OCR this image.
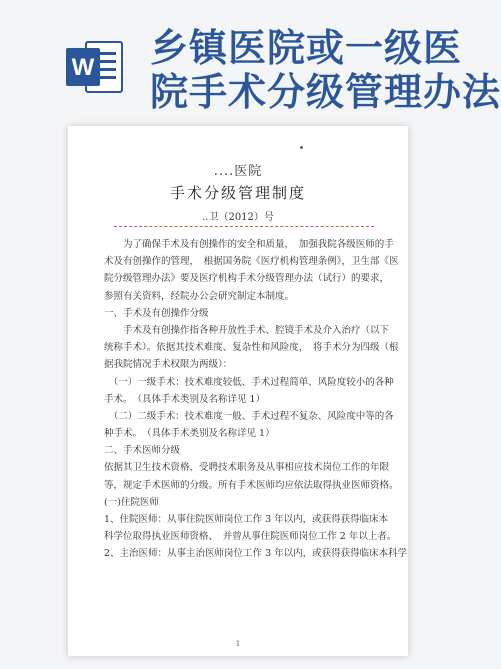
W 乡镇医院或一级医
院手术分级管理办法
....医院
手术分级管理制度
..卫（2012）号
　　为了确保手术及有创操作的安全和质量，　加强我院各级医师的手
术及有创操作的管理，　根据国务院《医疗机构管理条例》，卫生部《医
院分级管理办法》要及医疗机构手术分级管理办法（试行）的要求，
参照有关资料，经院办公会研究制定本制度。
一、手术及有创操作分级
　　手术及有创操作指各种开放性手术、腔镜手术及介入治疗（以下
统称手术）。依据其技术难度、复杂性和风险度，　将手术分为四级（根
据我院情况手术权限为两级）：
　（一）一级手术：技术难度较低、手术过程简单、风险度较小的各种
手术。　（具体手术类别及名称详见 1）
　（二）二级手术：技术难度一般、手术过程不复杂、风险度中等的各
种手术。　（具体手术类别及名称详见 1）
二、手术医师分级
依据其卫生技术资格、受聘技术职务及从事相应技术岗位工作的年限
等，规定手术医师的分级。所有手术医师均应依法取得执业医师资格。
(一)住院医师
1、住院医师：从事住院医师岗位工作 3 年以内，或获得获得临床本
科学位取得执业医师资格、　并曾从事住院医师岗位工作 2 年以上者。
2、主治医师：从事主治医师岗位工作 3 年以内，或获得获得临床本科学
1
